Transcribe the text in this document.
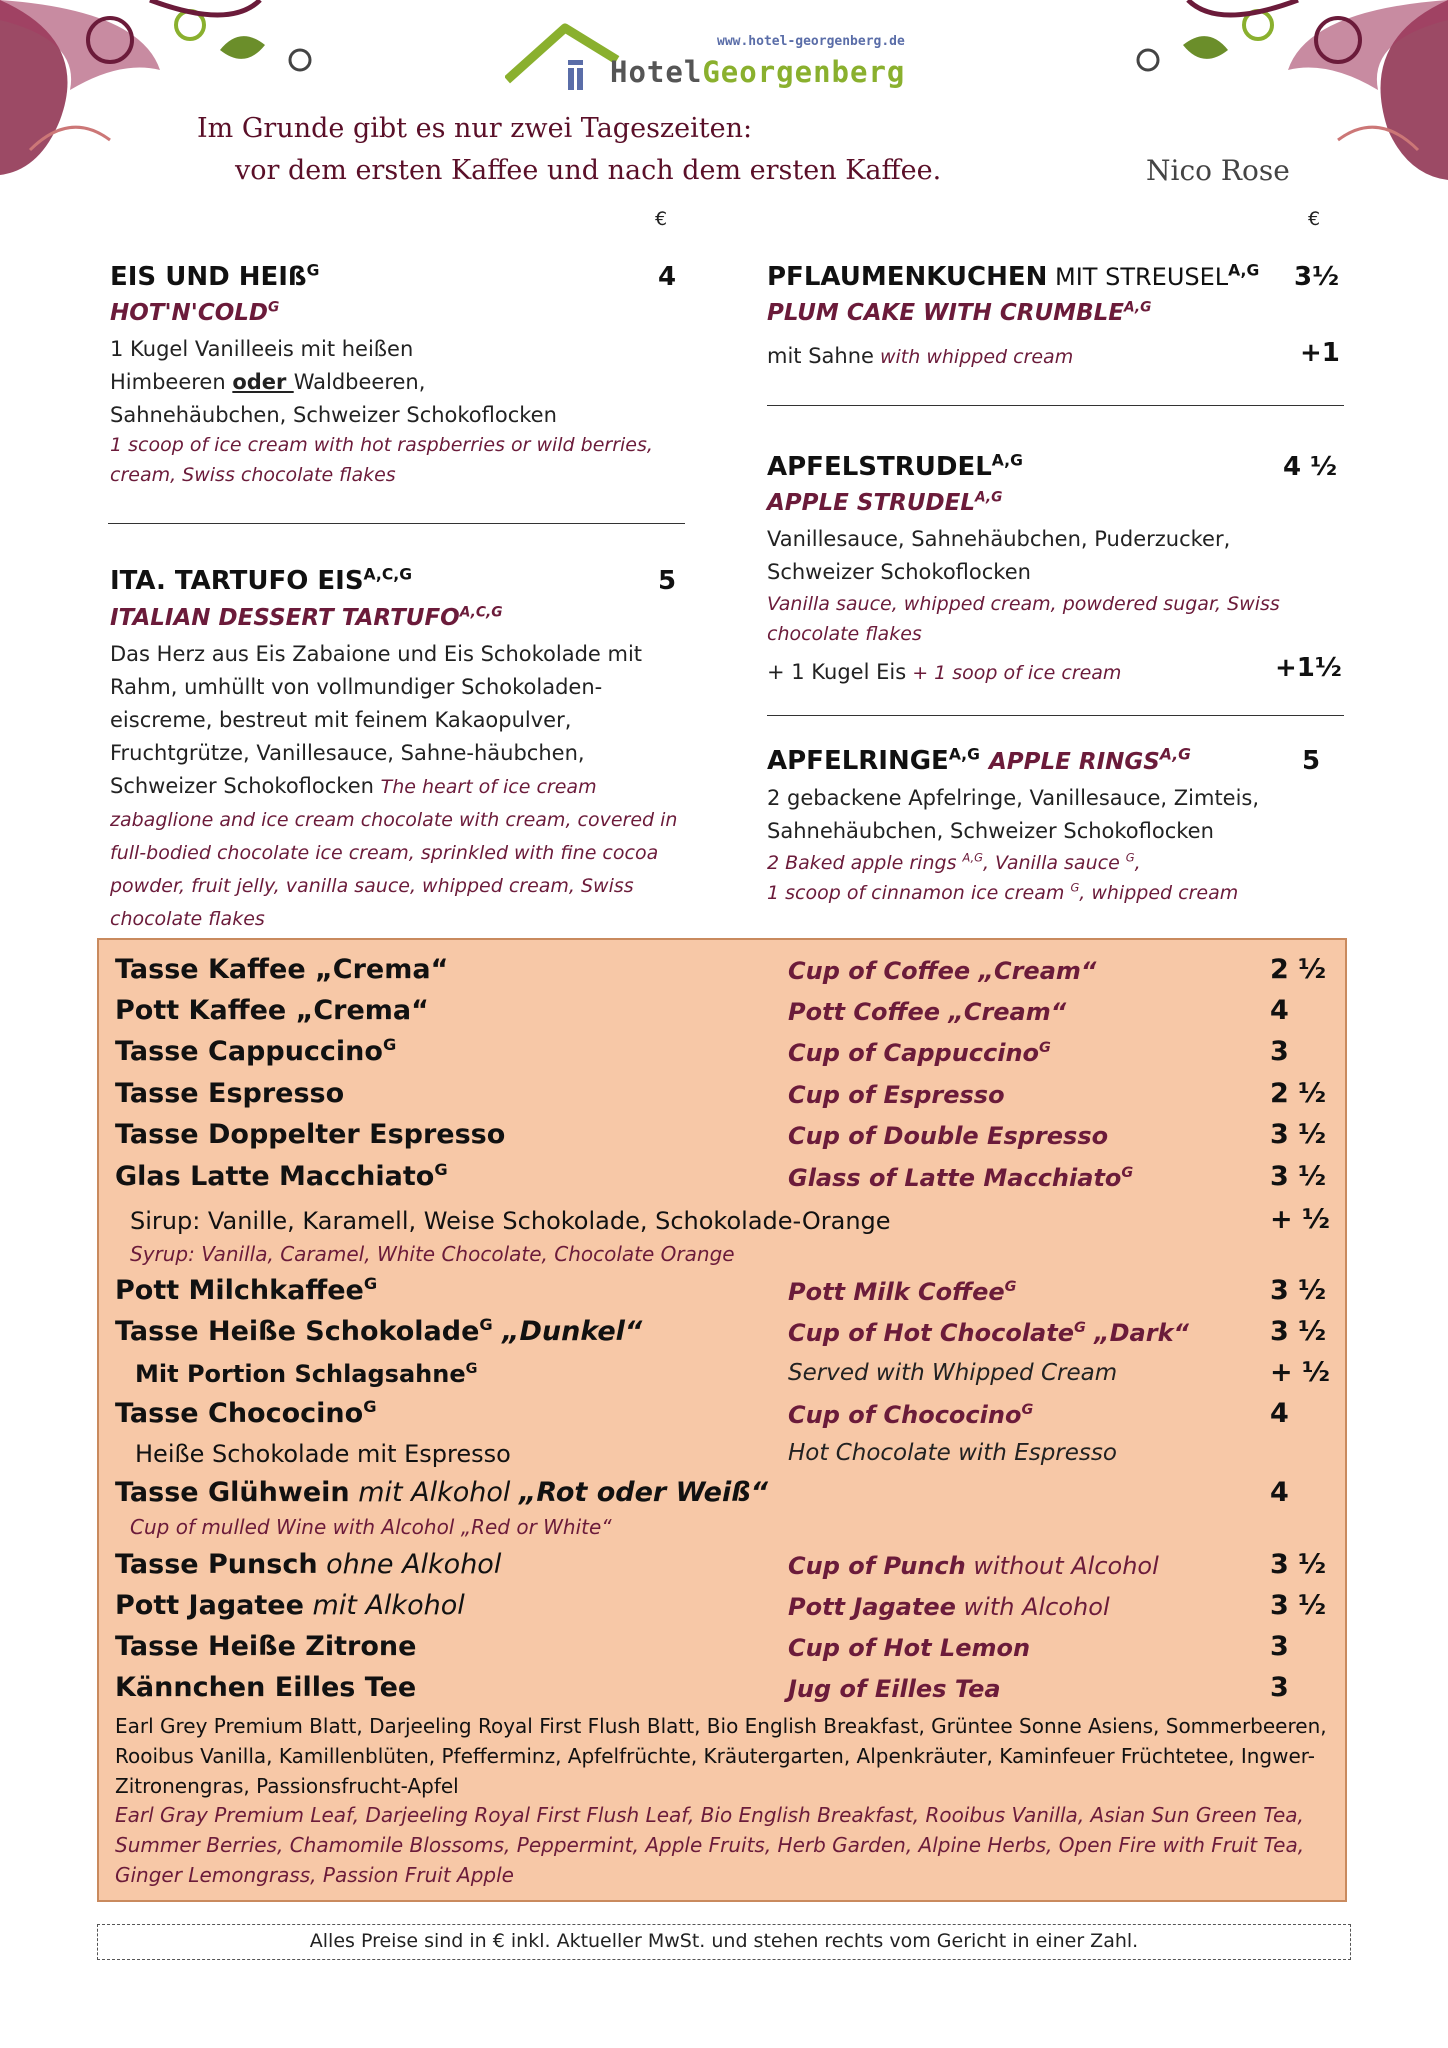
www.hotel-georgenberg.de
HotelGeorgenberg
Im Grunde gibt es nur zwei Tageszeiten:
vor dem ersten Kaffee und nach dem ersten Kaffee.	Nico Rose
€	€
EIS UND HEIß$^G$	4
$HOT'N'COLD^G$
1 Kugel Vanilleeis mit heißen
Himbeeren oder Waldbeeren,
Sahnehäubchen, Schweizer Schokoflocken
1 scoop of ice cream with hot raspberries or wild berries, cream, Swiss chocolate flakes
ITA. TARTUFO $EIS^{A,C,G}$	5
ITALIAN DESSERT $TARTUFO^{A,C,G}$
Das Herz aus Eis Zabaione und Eis Schokolade mit Rahm, umhüllt von vollmundiger Schokoladen-eiscreme, bestreut mit feinem Kakaopulver, Fruchtgrütze, Vanillesauce, Sahne-häubchen, Schweizer Schokoflocken The heart of ice cream zabaglione and ice cream chocolate with cream, covered in full-bodied chocolate ice cream, sprinkled with fine cocoa powder, fruit jelly, vanilla sauce, whipped cream, Swiss chocolate flakes
PFLAUMENKUCHEN MIT $STREUSEL^{A,G}$ 3½
PLUM CAKE WITH $CRUMBLE^{A,G}$
mit Sahne with whipped cream	+1
$APFELSTRUDEL^{A,G}$	4 ½
APPLE $STRUDEL^{A,G}$
Vanillesauce, Sahnehäubchen, Puderzucker, Schweizer Schokoflocken
Vanilla sauce, whipped cream, powdered sugar, Swiss chocolate flakes
+ 1 Kugel Eis + 1 soop of ice cream	+1½
$APFELRINGE^{A,G}$ APPLE $RINGS^{A,G}$	5
2 gebackene Apfelringe, Vanillesauce, Zimteis, Sahnehäubchen, Schweizer Schokoflocken
2 Baked apple rings $^{A,G}$, Vanilla sauce $^G$,
1 scoop of cinnamon ice cream $^G$, whipped cream
Tasse Kaffee „Crema“	Cup of Coffee „Cream“	2 ½
Pott Kaffee „Crema“	Pott Coffee „Cream“	4
Tasse Cappuccino$^G$	Cup of Cappuccino$^G$	3
Tasse Espresso	Cup of Espresso	2 ½
Tasse Doppelter Espresso	Cup of Double Espresso	3 ½
Glas Latte Macchiato$^G$	Glass of Latte Macchiato$^G$	3 ½
Sirup: Vanille, Karamell, Weise Schokolade, Schokolade-Orange	+ ½
Syrup: Vanilla, Caramel, White Chocolate, Chocolate Orange
Pott Milchkaffee$^G$	Pott Milk Coffee$^G$	3 ½
Tasse Heiße Schokolade$^G$ „Dunkel“	Cup of Hot Chocolate$^G$ „Dark“	3 ½
Mit Portion Schlagsahne$^G$	Served with Whipped Cream	+ ½
Tasse Chococino$^G$	Cup of Chococino$^G$	4
Heiße Schokolade mit Espresso	Hot Chocolate with Espresso
Tasse Glühwein mit Alkohol „Rot oder Weiß“	4
Cup of mulled Wine with Alcohol „Red or White“
Tasse Punsch ohne Alkohol	Cup of Punch without Alcohol	3 ½
Pott Jagatee mit Alkohol	Pott Jagatee with Alcohol	3 ½
Tasse Heiße Zitrone	Cup of Hot Lemon	3
Kännchen Eilles Tee	Jug of Eilles Tea	3
Earl Grey Premium Blatt, Darjeeling Royal First Flush Blatt, Bio English Breakfast, Grüntee Sonne Asiens, Sommerbeeren, Rooibus Vanilla, Kamillenblüten, Pfefferminz, Apfelfrüchte, Kräutergarten, Alpenkräuter, Kaminfeuer Früchtetee, Ingwer-Zitronengras, Passionsfrucht-Apfel
Earl Gray Premium Leaf, Darjeeling Royal First Flush Leaf, Bio English Breakfast, Rooibus Vanilla, Asian Sun Green Tea, Summer Berries, Chamomile Blossoms, Peppermint, Apple Fruits, Herb Garden, Alpine Herbs, Open Fire with Fruit Tea, Ginger Lemongrass, Passion Fruit Apple
Alles Preise sind in € inkl. Aktueller MwSt. und stehen rechts vom Gericht in einer Zahl.
